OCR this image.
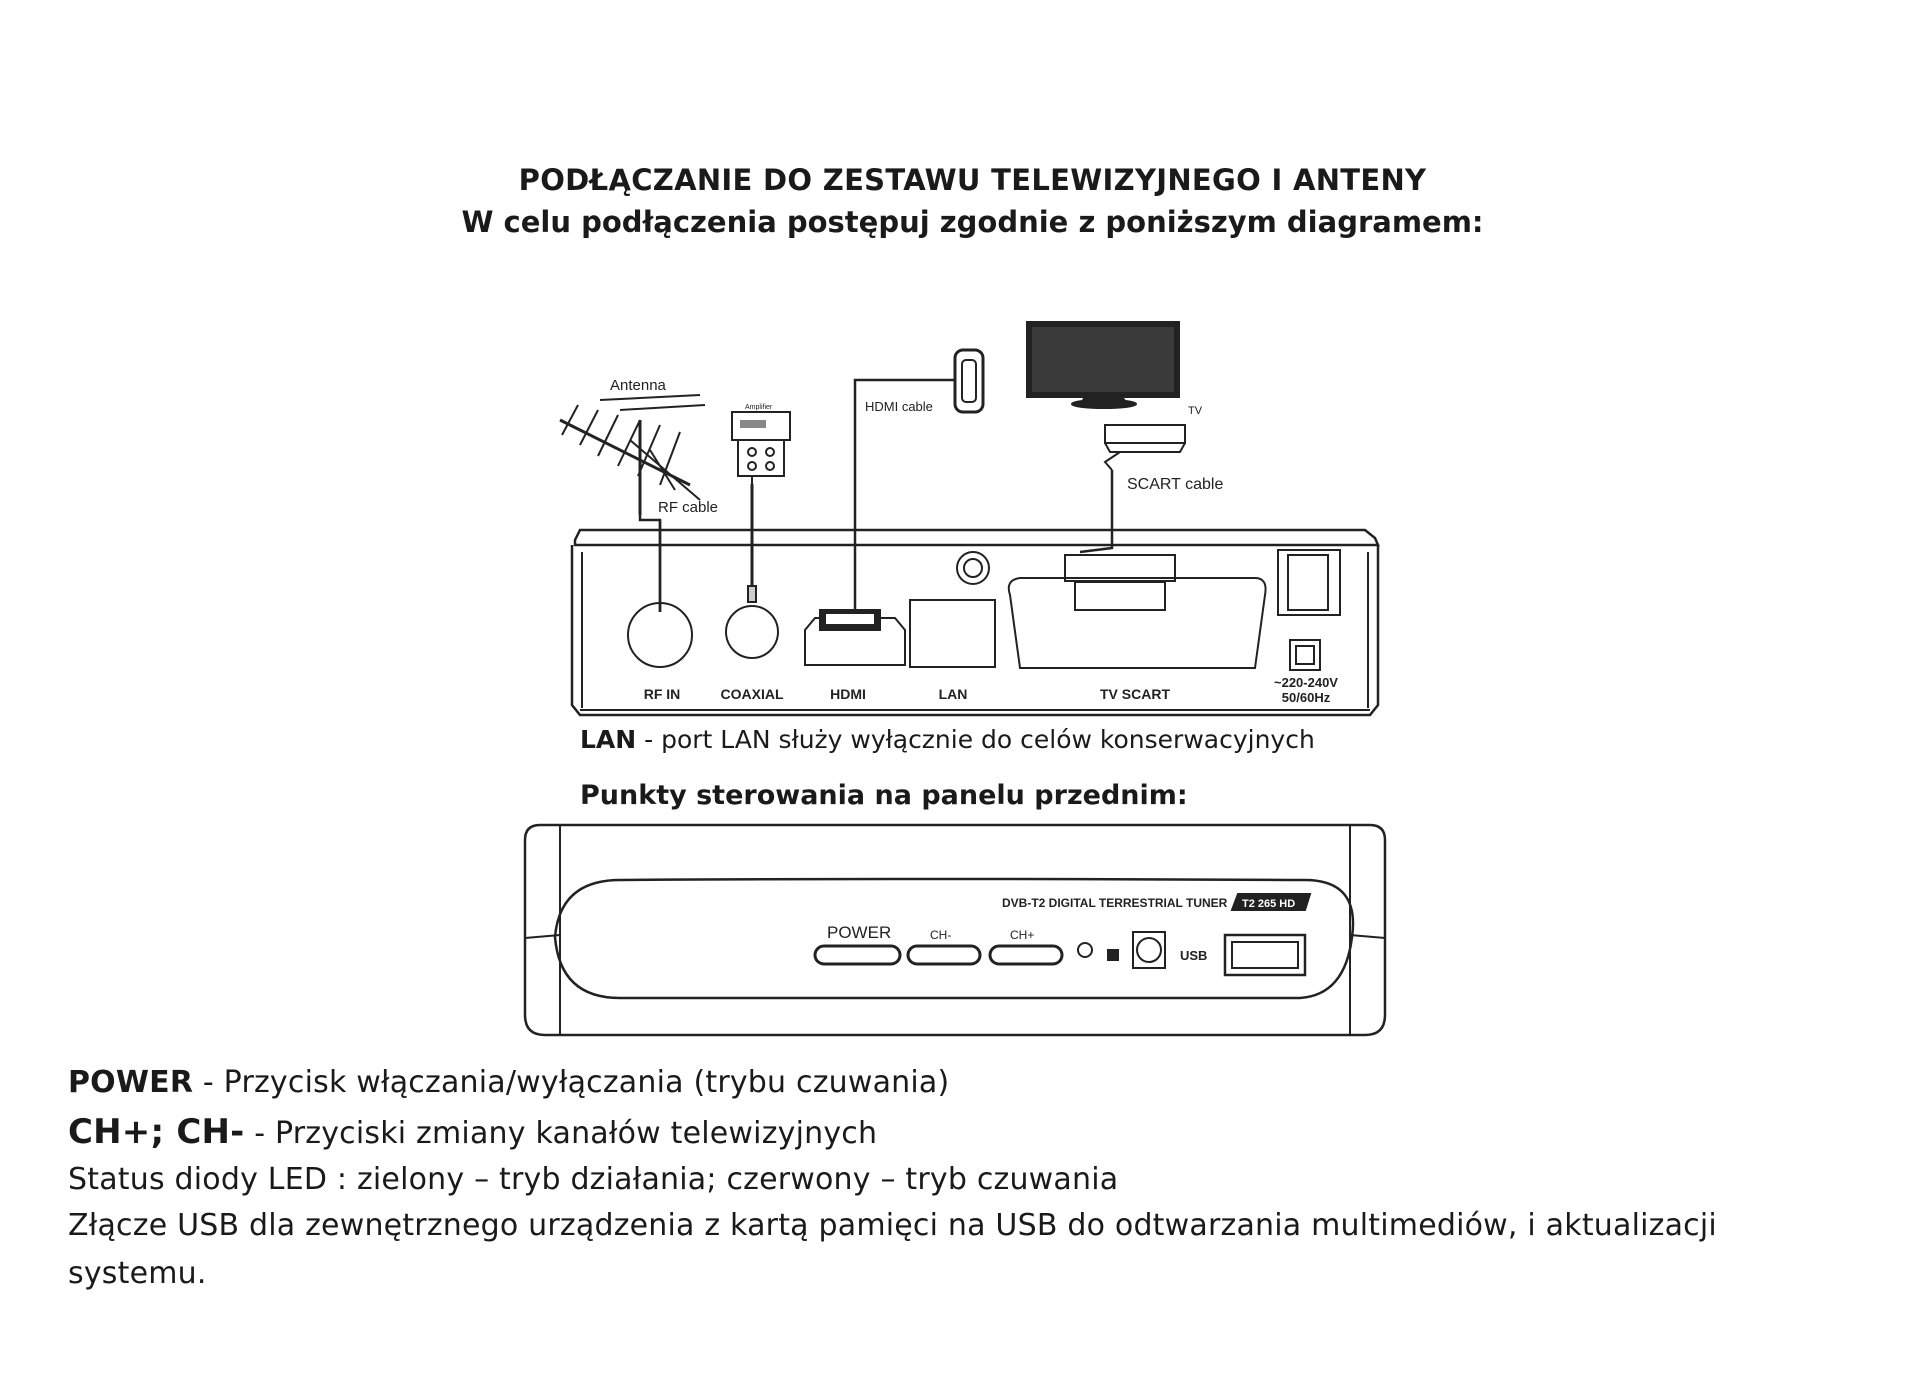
PODŁĄCZANIE DO ZESTAWU TELEWIZYJNEGO I ANTENY
W celu podłączenia postępuj zgodnie z poniższym diagramem:
Antenna
Amplifier
RF cable
HDMI cable	TV
SCART cable
RF IN	COAXIAL	HDMI	LAN	TV SCART
~220-240V
50/60Hz
DVB-T2 DIGITAL TERRESTRIAL TUNER T2 265 HD
POWER	CH-	CH+
USB
LAN - port LAN służy wyłącznie do celów konserwacyjnych
Punkty sterowania na panelu przednim:
POWER - Przycisk włączania/wyłączania (trybu czuwania)
CH+; CH- - Przyciski zmiany kanałów telewizyjnych
Status diody LED : zielony – tryb działania; czerwony – tryb czuwania
Złącze USB dla zewnętrznego urządzenia z kartą pamięci na USB do odtwarzania multimediów, i aktualizacji
systemu.
